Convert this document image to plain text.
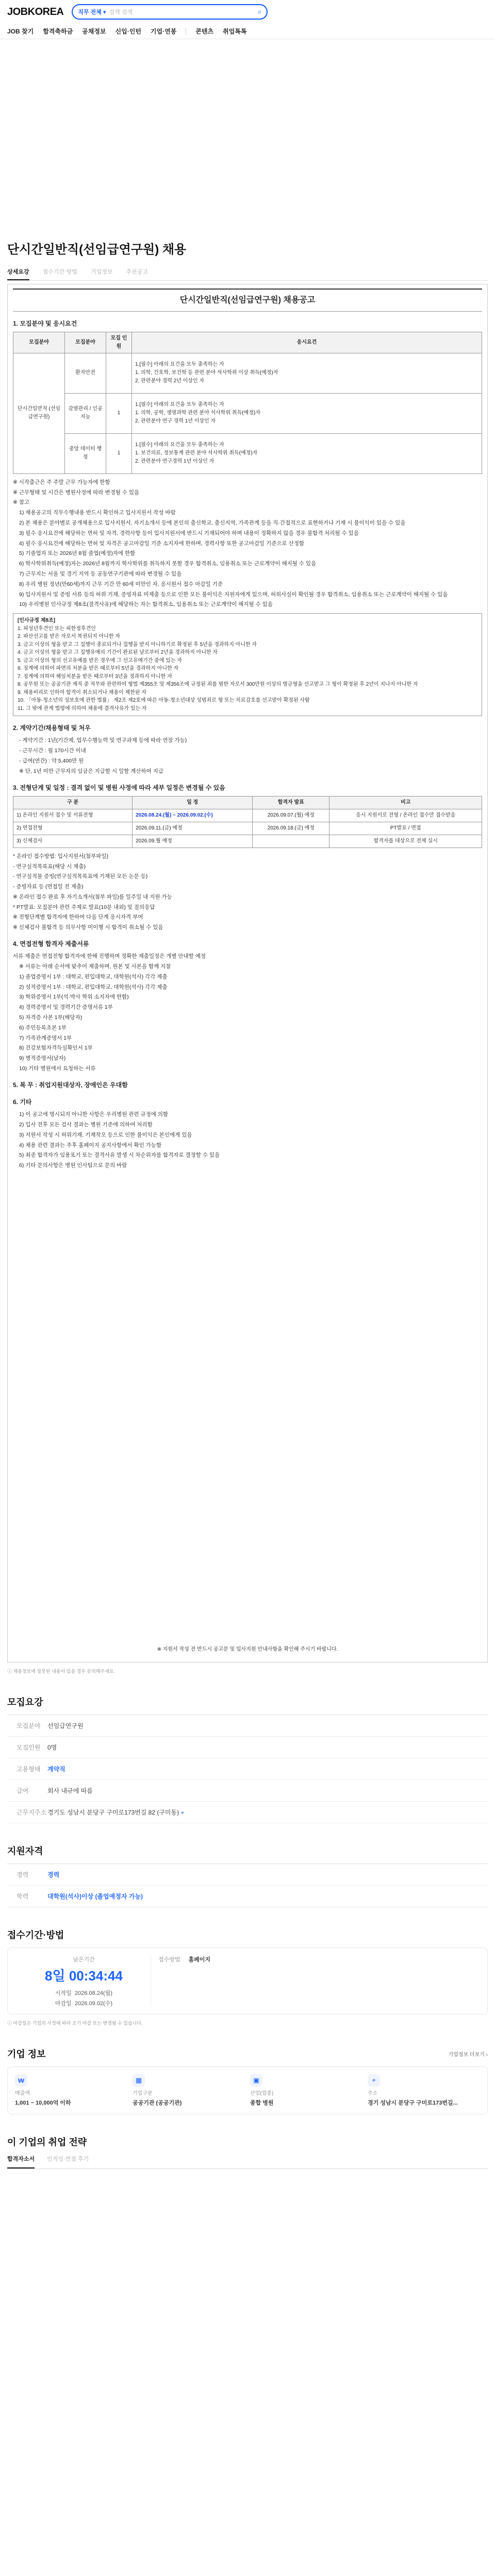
JOBKOREA	직무 전체 ▾ 검색 검색	⌕
JOB 찾기 합격축하금 공채정보 신입·인턴 기업·연봉	콘텐츠 취업톡톡
단시간일반직(선임급연구원) 채용
상세요강 접수기간·방법 기업정보 추천공고
단시간일반직(선임급연구원) 채용공고
1. 모집분야 및 응시요건
모집분야	모집분야	모집 인원	응시요건
단시간일반직 (선임급연구원)	환자안전		1.[필수] 아래의 요건을 모두 충족하는 자
1. 의학, 간호학, 보건학 등 관련 분야 석사학위 이상 취득(예정)자
2. 관련분야 경력 2년 이상인 자
	감염관리 / 인공지능	1	1.[필수] 아래의 요건을 모두 충족하는 자
1. 의학, 공학, 생명과학 관련 분야 석사학위 취득(예정)자
2. 관련분야 연구 경력 1년 이상인 자
	중앙 데이터 행정	1	1.[필수] 아래의 요건을 모두 충족하는 자
1. 보건의료, 정보통계 관련 분야 석사학위 취득(예정)자
2. 관련분야 연구경력 1년 이상인 자

※ 시작출근은 주 주말 근무 가능자에 한함

※ 근무형태 및 시간은 병원사정에 따라 변경될 수 있음

※ 참고

1) 채용공고의 직무수행내용 반드시 확인하고 입사지원서 작성 바람

2) 본 채용은 분야별로 공개채용으로 입사지원서, 자기소개서 등에 본인의 출신학교, 출신지역, 가족관계 등을 직·간접적으로 표현하거나 기재 시 불이익이 있을 수 있음

3) 필수 응시요건에 해당하는 면허 및 자격, 경력사항 등이 입사지원서에 반드시 기재되어야 하며 내용이 정확하지 않을 경우 불합격 처리될 수 있음

4) 필수 응시요건에 해당하는 면허 및 자격은 공고마감일 기준 소지자에 한하며, 경력사항 또한 공고마감일 기준으로 산정함

5) 기졸업자 또는 2026년 8월 졸업(예정)자에 한함

6) 학사학위취득(예정)자는 2026년 8월까지 학사학위를 취득하지 못할 경우 합격취소, 임용취소 또는 근로계약이 해지될 수 있음

7) 근무지는 서울 및 경기 지역 등 공동연구기관에 따라 변경될 수 있음

8) 우리 병원 정년(만60세)까지 근무 기간 만 60세 미만인 자, 응시원서 접수 마감일 기준

9) 입사지원서 및 증빙 서류 등의 허위 기재, 증빙자료 미제출 등으로 인한 모든 불이익은 지원자에게 있으며, 허위사실이 확인될 경우 합격취소, 임용취소 또는 근로계약이 해지될 수 있음

10) 우리병원 인사규정 제8조(결격사유)에 해당하는 자는 합격취소, 임용취소 또는 근로계약이 해지될 수 있음

[인사규정 제8조]
1. 피성년후견인 또는 피한정후견인
2. 파산선고를 받은 자로서 복권되지 아니한 자
3. 금고 이상의 형을 받고 그 집행이 종료되거나 집행을 받지 아니하기로 확정된 후 5년을 경과하지 아니한 자
4. 금고 이상의 형을 받고 그 집행유예의 기간이 완료된 날로부터 2년을 경과하지 아니한 자
5. 금고 이상의 형의 선고유예를 받은 경우에 그 선고유예기간 중에 있는 자
6. 징계에 의하여 파면의 처분을 받은 때로부터 5년을 경과하지 아니한 자
7. 징계에 의하여 해임처분을 받은 때로부터 3년을 경과하지 아니한 자
8. 공무원 또는 공공기관 재직 중 직무와 관련하여 형법 제355조 및 제356조에 규정된 죄를 범한 자로서 300만원 이상의 벌금형을 선고받고 그 형이 확정된 후 2년이 지나지 아니한 자
9. 채용비리로 인하여 합격이 취소되거나 채용이 제한된 자
10. 「아동·청소년의 성보호에 관한 법률」 제2조 제2호에 따른 아동·청소년대상 성범죄로 형 또는 치료감호를 선고받아 확정된 사람
11. 그 밖에 관계 법령에 의하여 채용에 결격사유가 있는 자
2. 계약기간/채용형태 및 처우

- 계약기간 : 1년(기간제, 업무수행능력 및 연구과제 등에 따라 연장 가능)

- 근무시간 : 월 170시간 이내

- 급여(연간) : 약 5,400만 원

※ 단, 1년 미만 근무자의 임금은 지급할 시 일할 계산하여 지급

3. 전형단계 및 일정 : 결격 없이 및 병원 사정에 따라 세부 일정은 변경될 수 있음
구 분	일 정	합격자 발표	비고
1) 온라인 지원서 접수 및 서류전형	2026.08.24.(월) ~ 2026.09.02.(수)	2026.09.07.(월) 예정	응시 지원서로 전형 / 온라인 접수만 접수받음
2) 면접전형	2026.09.11.(금) 예정	2026.09.18.(금) 예정	PT발표 / 면접
3) 신체검사	2026.09.월 예정		합격자를 대상으로 전체 실시

* 온라인 접수방법: 입사지원서(첨부파일)

- 연구실적목록표(해당 시 제출)

- 연구실적물 증빙(연구실적목록표에 기재된 모든 논문 등)

- 증빙자료 등 (면접일 전 제출)

※ 온라인 접수 완료 후 자기소개서(첨부 파일)를 일주일 내 지원 가능

* PT발표: 모집분야 관련 주제로 발표(10분 내외) 및 질의응답

※ 전형단계별 합격자에 한하여 다음 단계 응시자격 부여

※ 신체검사 불합격 등 의무사항 미이행 시 합격이 취소될 수 있음

4. 면접전형 합격자 제출서류

서류 제출은 면접전형 합격자에 한해 진행하며 정확한 제출일정은 개별 안내할 예정

※ 서류는 아래 순서에 맞추어 제출하며, 원본 및 사본을 함께 지참

1) 졸업증명서 1부 : 대학교, 편입대학교, 대학원(석사) 각각 제출

2) 성적증명서 1부 : 대학교, 편입대학교, 대학원(석사) 각각 제출

3) 학위증명서 1부(석·박사 학위 소지자에 한함)

4) 경력증명서 및 경력기간 증명서류 1부

5) 자격증 사본 1부(해당자)

6) 주민등록초본 1부

7) 가족관계증명서 1부

8) 건강보험자격득실확인서 1부

9) 병적증명서(남자)

10) 기타 병원에서 요청하는 서류

5. 복 무 : 취업지원대상자, 장애인은 우대함
6. 기타

1) 이 공고에 명시되지 아니한 사항은 우리병원 관련 규정에 의함

2) 입사 전후 모든 검사 결과는 병원 기준에 의하여 처리함

3) 지원서 작성 시 허위기재, 기재착오 등으로 인한 불이익은 본인에게 있음

4) 채용 관련 결과는 추후 홈페이지 공지사항에서 확인 가능함

5) 최종 합격자가 임용포기 또는 결격사유 발생 시 차순위자를 합격자로 결정할 수 있음

6) 기타 문의사항은 병원 인사팀으로 문의 바람

※ 지원서 작성 전 반드시 공고문 및 입사지원 안내사항을 확인해 주시기 바랍니다.
ⓘ 채용정보에 잘못된 내용이 있을 경우 문의해주세요.
모집요강
모집분야	선임급연구원
모집인원	0명
고용형태	계약직
급여	회사 내규에 따름
근무지주소 경기도 성남시 분당구 구미로173번길 82 (구미동) ⌖
지원자격
경력	경력
학력	대학원(석사)이상 (졸업예정자 가능)
접수기간·방법
남은기간
8일 00:34:44
시작일 2026.08.24(월)
마감일 2026.09.02(수)
접수방법 홈페이지
ⓘ 마감일은 기업의 사정에 따라 조기 마감 또는 변경될 수 있습니다.
기업 정보	기업정보 더보기 ›
₩
매출액
1,001 ~ 10,000억 이하
▦
기업구분
공공기관 (공공기관)
▣
산업(업종)
종합 병원
⌖
주소
경기 성남시 분당구 구미로173번길...
이 기업의 취업 전략
합격자소서 인적성·면접 후기
